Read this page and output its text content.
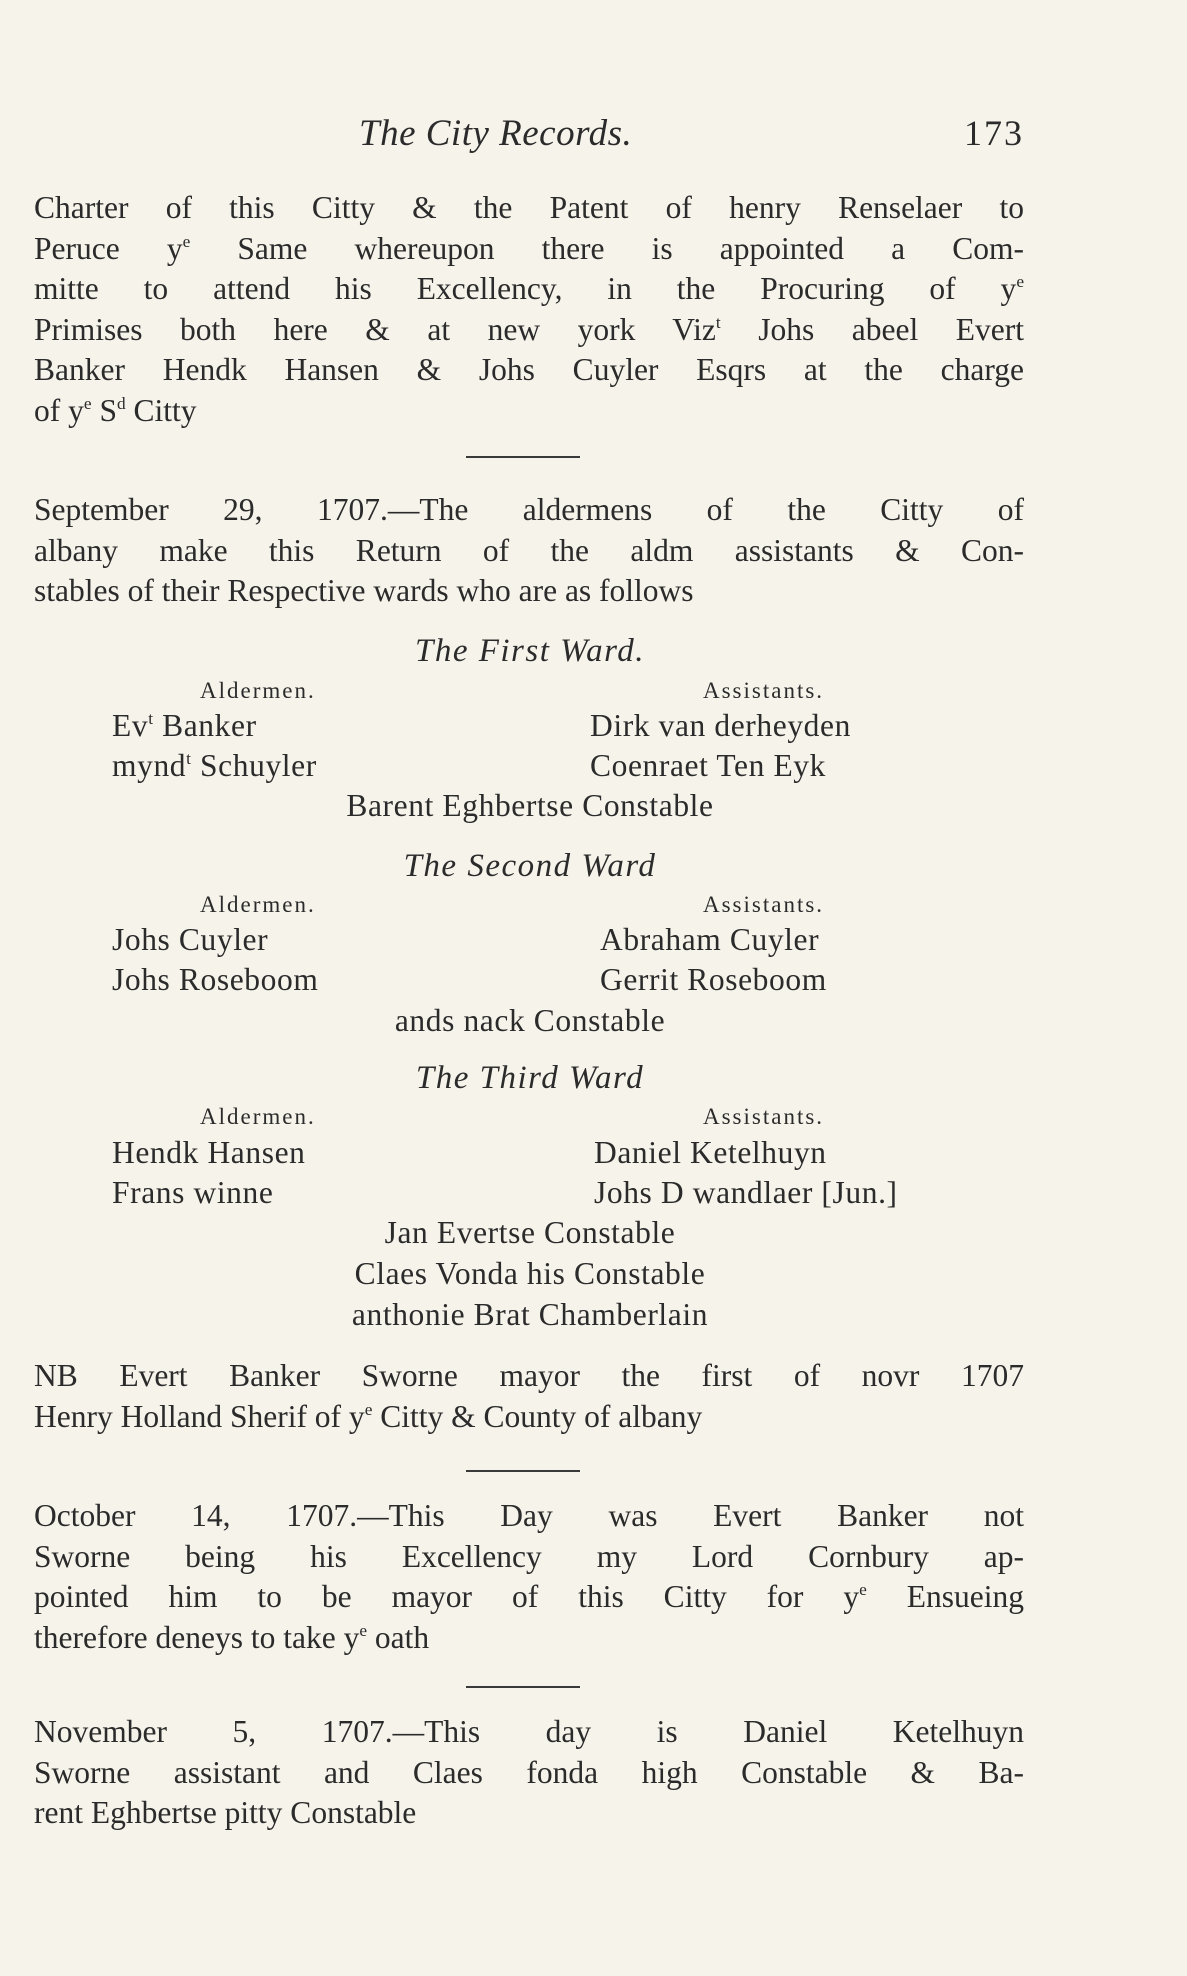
The City Records.	173
Charter of this Citty & the Patent of henry Renselaer to
Peruce $y^e$ Same whereupon there is appointed a Com-
mitte to attend his Excellency, in the Procuring of $y^e$
Primises both here & at new york Viz$^t$ Johs abeel Evert
Banker Hendk Hansen & Johs Cuyler Esqrs at the charge
of $y^e$ $S^d$ Citty
September 29, 1707.—The aldermens of the Citty of
albany make this Return of the aldm assistants & Con-
stables of their Respective wards who are as follows
The First Ward.
Aldermen.	Assistants.
Ev$^t$ Banker	Dirk van derheyden
mynd$^t$ Schuyler	Coenraet Ten Eyk
Barent Eghbertse Constable
The Second Ward
Aldermen.	Assistants.
Johs Cuyler	Abraham Cuyler
Johs Roseboom	Gerrit Roseboom
ands nack Constable
The Third Ward
Aldermen.	Assistants.
Hendk Hansen	Daniel Ketelhuyn
Frans winne	Johs D wandlaer [Jun.]
Jan Evertse Constable
Claes Vonda his Constable
anthonie Brat Chamberlain
NB Evert Banker Sworne mayor the first of novr 1707
Henry Holland Sherif of $y^e$ Citty & County of albany
October 14, 1707.—This Day was Evert Banker not
Sworne being his Excellency my Lord Cornbury ap-
pointed him to be mayor of this Citty for $y^e$ Ensueing
therefore deneys to take $y^e$ oath
November 5, 1707.—This day is Daniel Ketelhuyn
Sworne assistant and Claes fonda high Constable & Ba-
rent Eghbertse pitty Constable
